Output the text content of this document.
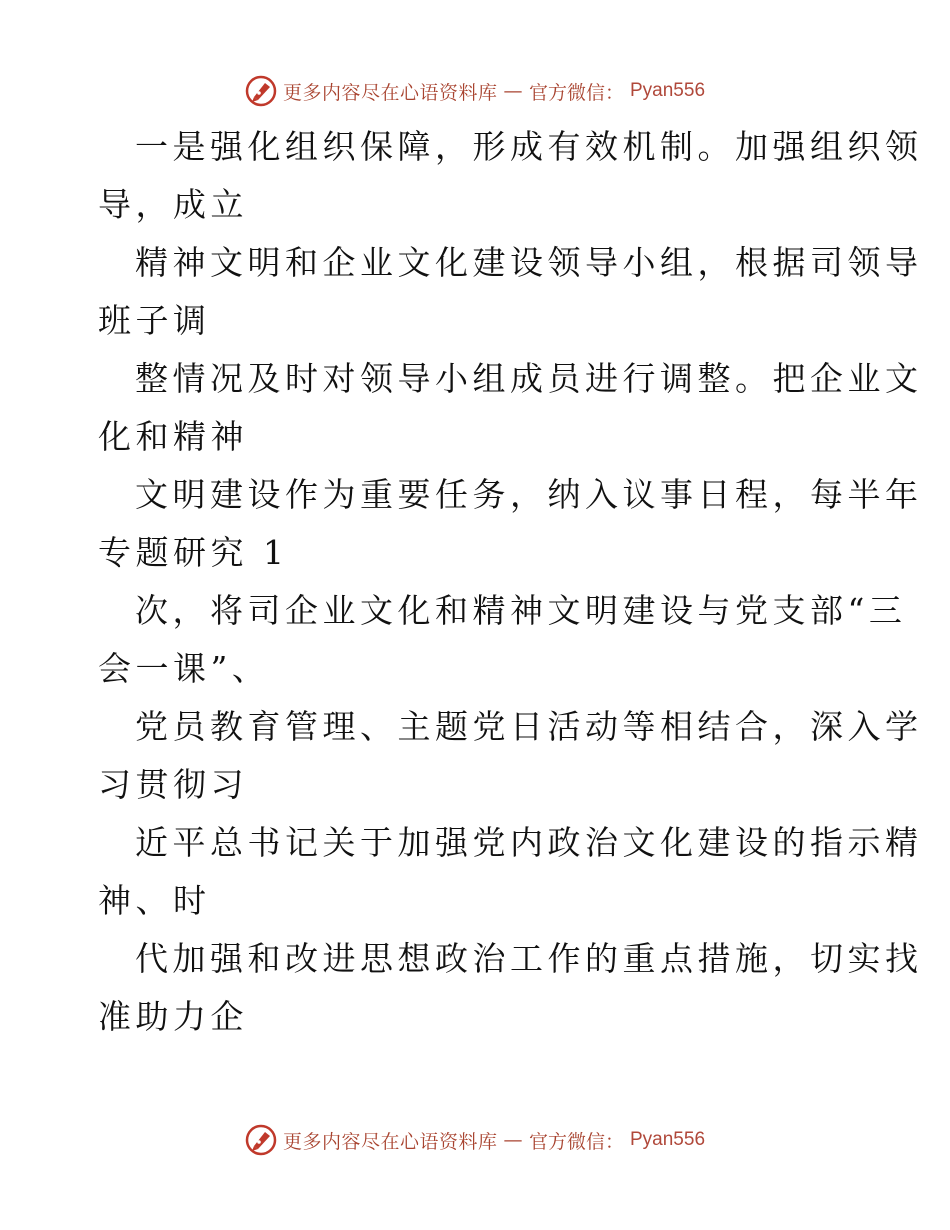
更多内容尽在心语资料库 — 官方微信： Pyan556
一是强化组织保障，形成有效机制。加强组织领
导，成立
精神文明和企业文化建设领导小组，根据司领导
班子调
整情况及时对领导小组成员进行调整。把企业文
化和精神
文明建设作为重要任务，纳入议事日程，每半年
专题研究 1
次，将司企业文化和精神文明建设与党支部“三
会一课”、
党员教育管理、主题党日活动等相结合，深入学
习贯彻习
近平总书记关于加强党内政治文化建设的指示精
神、时
代加强和改进思想政治工作的重点措施，切实找
准助力企
更多内容尽在心语资料库 — 官方微信： Pyan556
